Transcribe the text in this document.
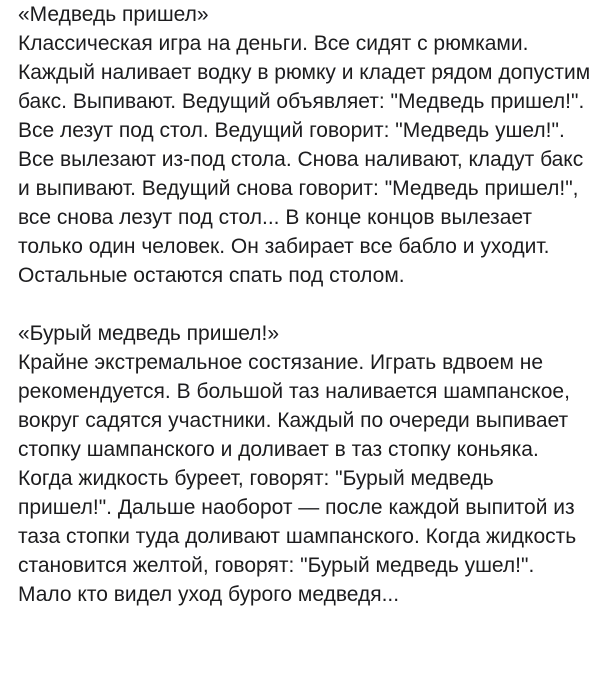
«Медведь пришел»
Классическая игра на деньги. Все сидят с рюмками. Каждый наливает водку в рюмку и кладет рядом допустим бакс. Выпивают. Ведущий объявляет: "Медведь пришел!". Все лезут под стол. Ведущий говорит: "Медведь ушел!". Все вылезают из-под стола. Снова наливают, кладут бакс и выпивают. Ведущий снова говорит: "Медведь пришел!", все снова лезут под стол... В конце концов вылезает только один человек. Он забирает все бабло и уходит. Остальные остаются спать под столом.
«Бурый медведь пришел!»
Крайне экстремальное состязание. Играть вдвоем не рекомендуется. В большой таз наливается шампанское, вокруг садятся участники. Каждый по очереди выпивает стопку шампанского и доливает в таз стопку коньяка. Когда жидкость буреет, говорят: "Бурый медведь пришел!". Дальше наоборот — после каждой выпитой из таза стопки туда доливают шампанского. Когда жидкость становится желтой, говорят: "Бурый медведь ушел!". Мало кто видел уход бурого медведя...
